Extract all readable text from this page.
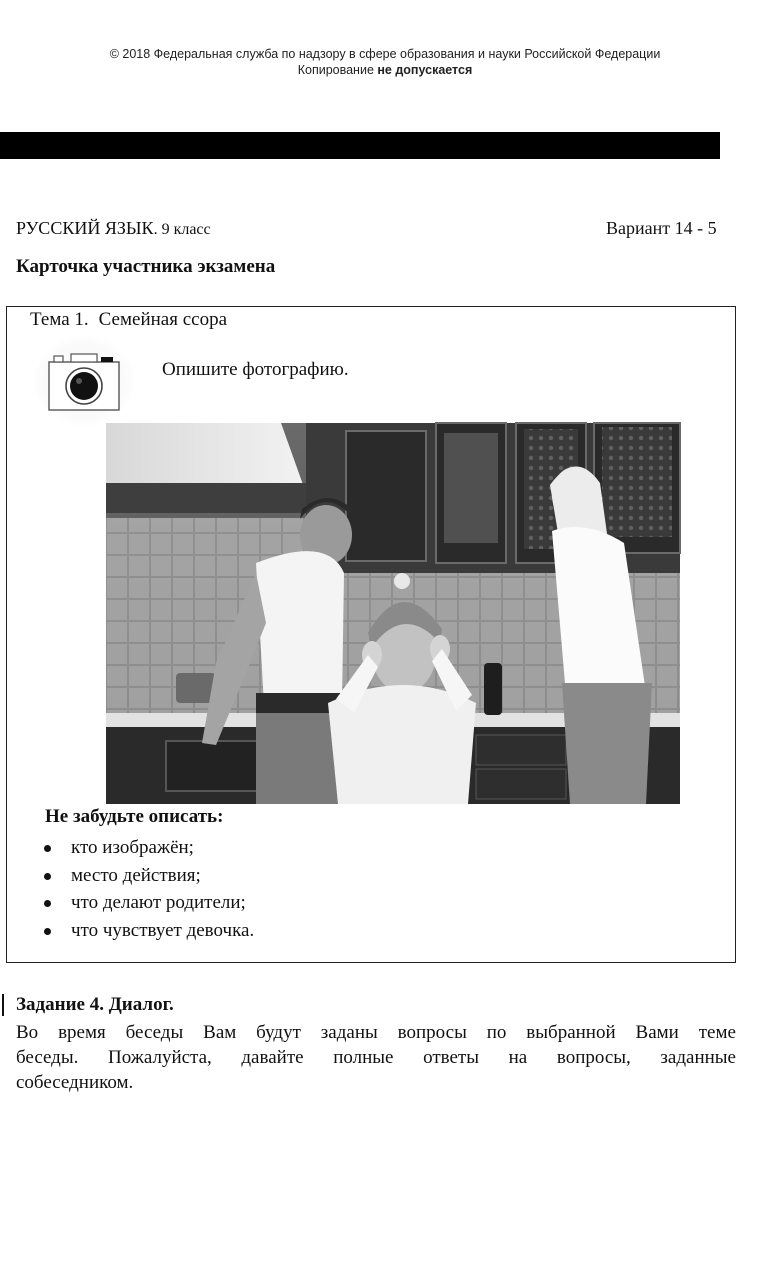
© 2018 Федеральная служба по надзору в сфере образования и науки Российской Федерации
Копирование не допускается
РУССКИЙ ЯЗЫК. 9 класс	Вариант 14 - 5
Карточка участника экзамена
Тема 1. Семейная ссора
Опишите фотографию.
Не забудьте описать:
кто изображён;
место действия;
что делают родители;
что чувствует девочка.
Задание 4. Диалог.
Во время беседы Вам будут заданы вопросы по выбранной Вами теме
беседы. Пожалуйста, давайте полные ответы на вопросы, заданные
собеседником.
